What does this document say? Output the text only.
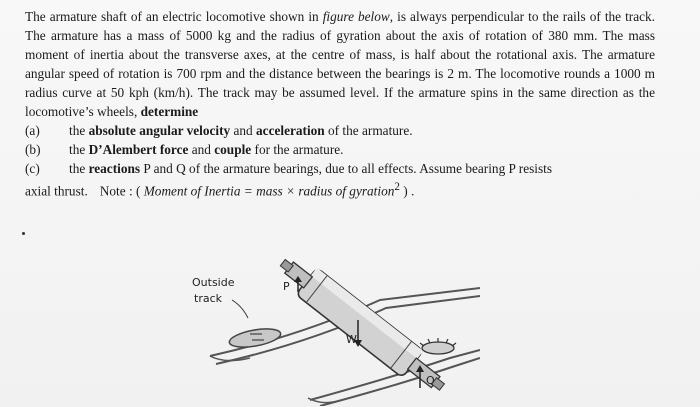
The armature shaft of an electric locomotive shown in figure below, is always perpendicular to the rails of the track. The armature has a mass of 5000 kg and the radius of gyration about the axis of rotation of 380 mm. The mass moment of inertia about the transverse axes, at the centre of mass, is half about the rotational axis. The armature angular speed of rotation is 700 rpm and the distance between the bearings is 2 m. The locomotive rounds a 1000 m radius curve at 50 kph (km/h). The track may be assumed level. If the armature spins in the same direction as the locomotive’s wheels, determine
(a)	the absolute angular velocity and acceleration of the armature.
(b)	the D’Alembert force and couple for the armature.
(c)	the reactions P and Q of the armature bearings, due to all effects. Assume bearing P resists
axial thrust. Note : ( Moment of Inertia = mass × radius of gyration$^2$ ) .
Outside
track
P
W
Q
